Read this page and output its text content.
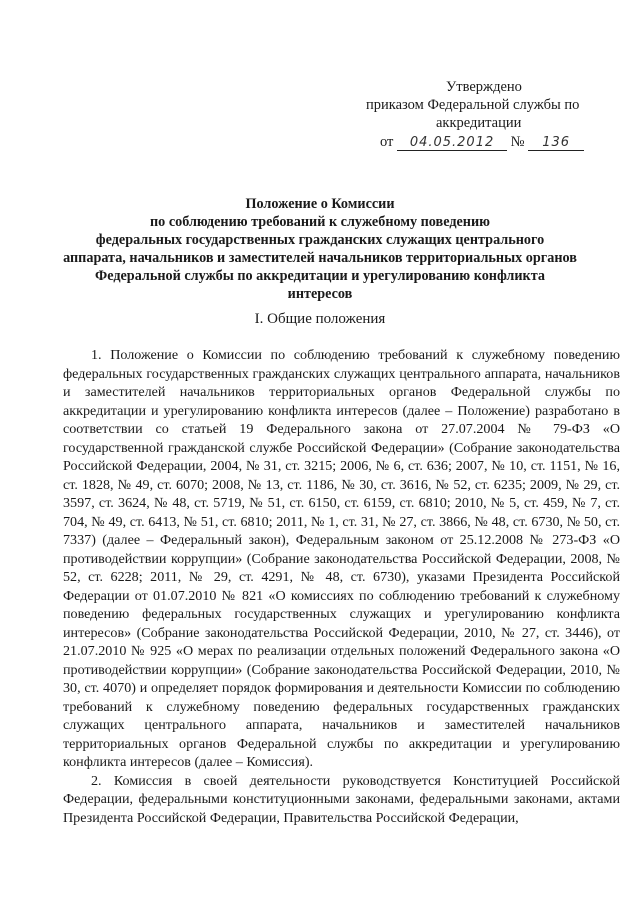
Утверждено
приказом Федеральной службы по
аккредитации
от 04.05.2012 № 136
Положение о Комиссии
по соблюдению требований к служебному поведению
федеральных государственных гражданских служащих центрального
аппарата, начальников и заместителей начальников территориальных органов
Федеральной службы по аккредитации и урегулированию конфликта
интересов
I. Общие положения

1. Положение о Комиссии по соблюдению требований к служебному поведению федеральных государственных гражданских служащих центрального аппарата, начальников и заместителей начальников территориальных органов Федеральной службы по аккредитации и урегулированию конфликта интересов (далее – Положение) разработано в соответствии со статьей 19 Федерального закона от 27.07.2004 № 79-ФЗ «О государственной гражданской службе Российской Федерации» (Собрание законодательства Российской Федерации, 2004, № 31, ст. 3215; 2006, № 6, ст. 636; 2007, № 10, ст. 1151, № 16, ст. 1828, № 49, ст. 6070; 2008, № 13, ст. 1186, № 30, ст. 3616, № 52, ст. 6235; 2009, № 29, ст. 3597, ст. 3624, № 48, ст. 5719, № 51, ст. 6150, ст. 6159, ст. 6810; 2010, № 5, ст. 459, № 7, ст. 704, № 49, ст. 6413, № 51, ст. 6810; 2011, № 1, ст. 31, № 27, ст. 3866, № 48, ст. 6730, № 50, ст. 7337) (далее – Федеральный закон), Федеральным законом от 25.12.2008 № 273-ФЗ «О противодействии коррупции» (Собрание законодательства Российской Федерации, 2008, № 52, ст. 6228; 2011, № 29, ст. 4291, № 48, ст. 6730), указами Президента Российской Федерации от 01.07.2010 № 821 «О комиссиях по соблюдению требований к служебному поведению федеральных государственных служащих и урегулированию конфликта интересов» (Собрание законодательства Российской Федерации, 2010, № 27, ст. 3446), от 21.07.2010 № 925 «О мерах по реализации отдельных положений Федерального закона «О противодействии коррупции» (Собрание законодательства Российской Федерации, 2010, № 30, ст. 4070) и определяет порядок формирования и деятельности Комиссии по соблюдению требований к служебному поведению федеральных государственных гражданских служащих центрального аппарата, начальников и заместителей начальников территориальных органов Федеральной службы по аккредитации и урегулированию конфликта интересов (далее – Комиссия).

2. Комиссия в своей деятельности руководствуется Конституцией Российской Федерации, федеральными конституционными законами, федеральными законами, актами Президента Российской Федерации, Правительства Российской Федерации,
